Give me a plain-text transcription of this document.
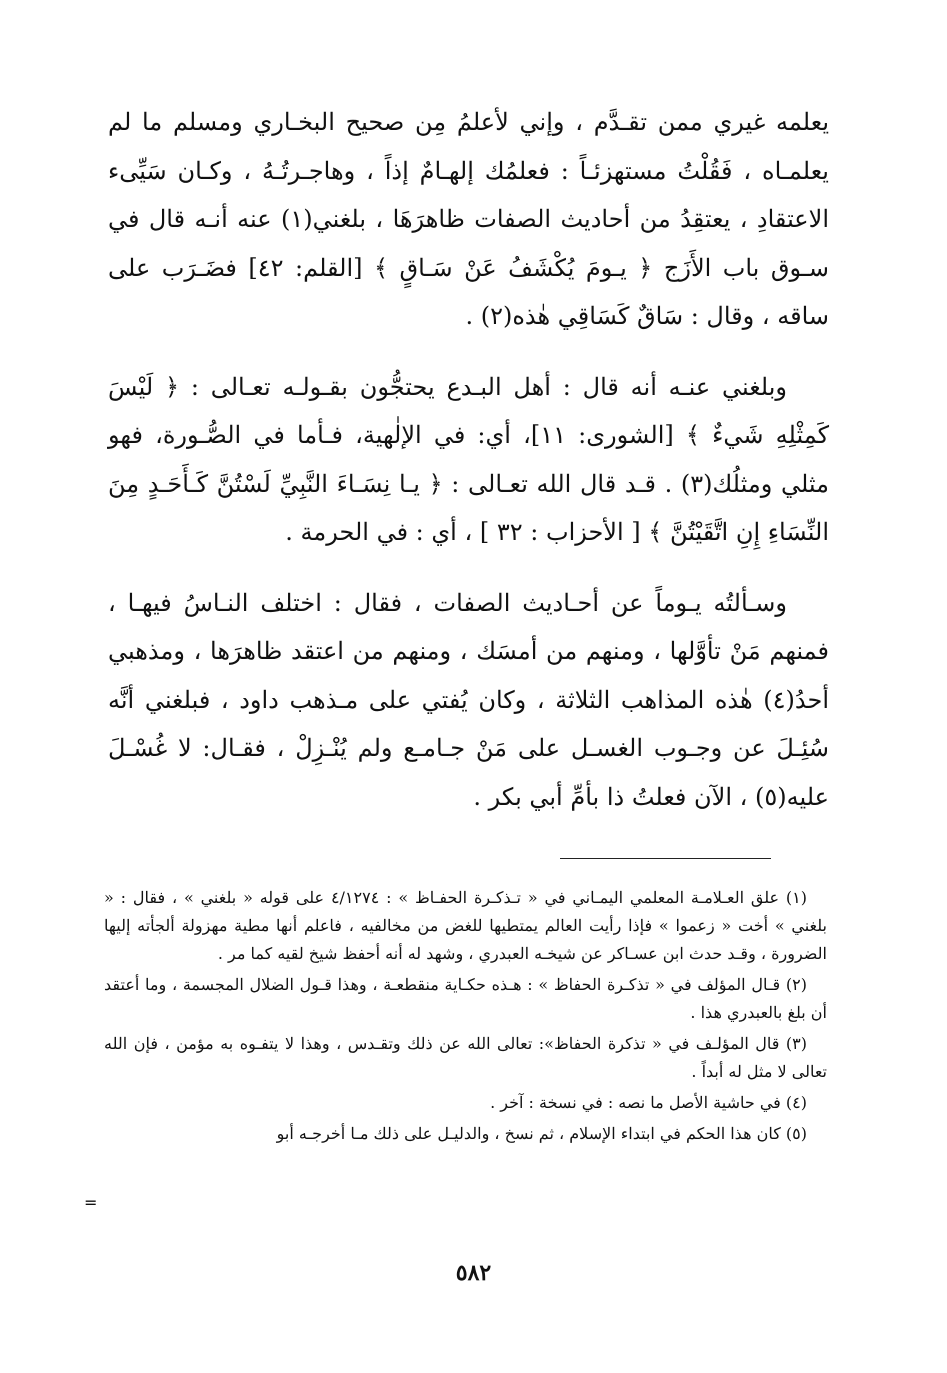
يعلمه غيري ممن تقـدَّم ، وإني لأعلمُ مِن صحيح البخـاري ومسلم ما لم يعلمـاه ، فَقُلْتُ مستهزئـاً : فعلمُك إلهـامٌ إذاً ، وهاجـرتُـهُ ، وكـان سَيِّىء الاعتقادِ ، يعتقِدُ من أحاديث الصفات ظاهرَهَا ، بلغني(١) عنه أنـه قال في سـوق باب الأَزَج ﴿ يـومَ يُكْشَفُ عَنْ سَـاقٍ ﴾ [القلم: ٤٢] فضَـرَب على ساقه ، وقال : سَاقٌ كَسَاقِي هٰذه(٢) .

وبلغني عنـه أنه قال : أهل البـدع يحتجُّون بقـولـه تعـالى : ﴿ لَيْسَ كَمِثْلِهِ شَيءٌ ﴾ [الشورى: ١١]، أي: في الإلٰهية، فـأما في الصُّـورة، فهو مثلي ومثلُك(٣) . قـد قال الله تعـالى : ﴿ يـا نِسَـاءَ النَّبِيِّ لَسْتُنَّ كَـأَحَـدٍ مِنَ النِّسَاءِ إِنِ اتَّقَيْتُنَّ ﴾ [ الأحزاب : ٣٢ ] ، أي : في الحرمة .

وسـألتُه يـوماً عن أحـاديث الصفات ، فقال : اختلف النـاسُ فيهـا ، فمنهم مَنْ تأوَّلها ، ومنهم من أمسَك ، ومنهم من اعتقد ظاهرَها ، ومذهبي أحدُ(٤) هٰذه المذاهب الثلاثة ، وكان يُفتي على مـذهب داود ، فبلغني أنَّه سُئِـلَ عن وجـوب الغسـل على مَنْ جـامـع ولم يُنْـزِلْ ، فقـال: لا غُسْـلَ عليه(٥) ، الآن فعلتُ ذا بأمِّ أبي بكر .

(١) علق العـلامـة المعلمي اليمـاني في « تـذكـرة الحفـاظ » : ٤/١٢٧٤ على قوله « بلغني » ، فقال : « بلغني » أخت « زعموا » فإذا رأيت العالم يمتطيها للغض من مخالفيه ، فاعلم أنها مطية مهزولة ألجأته إليها الضرورة ، وقـد حدث ابن عسـاكر عن شيخـه العبدري ، وشهد له أنه أحفظ شيخ لقيه كما مر .

(٢) قـال المؤلف في « تذكـرة الحفاظ » : هـذه حكـاية منقطعـة ، وهذا قـول الضلال المجسمة ، وما أعتقد أن بلغ بالعبدري هذا .

(٣) قال المؤلـف في « تذكرة الحفاظ»: تعالى الله عن ذلك وتقـدس ، وهذا لا يتفـوه به مؤمن ، فإن الله تعالى لا مثل له أبداً .

(٤) في حاشية الأصل ما نصه : في نسخة : آخر .

(٥) كان هذا الحكم في ابتداء الإسلام ، ثم نسخ ، والدليـل على ذلك مـا أخرجـه أبو

=
٥٨٢
